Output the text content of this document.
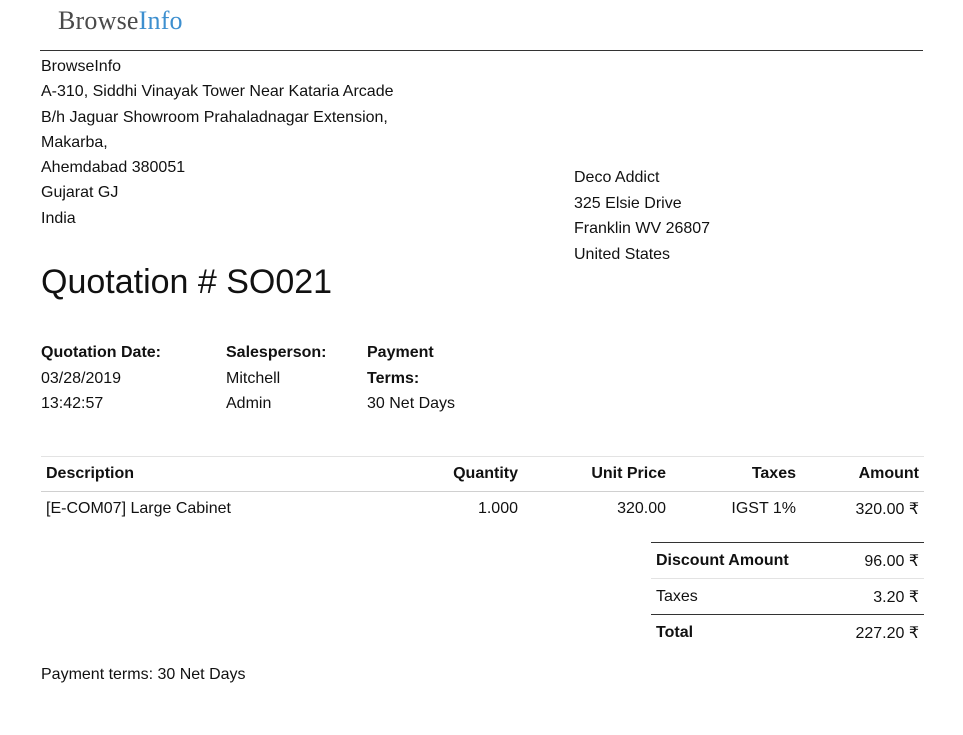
BrowseInfo
BrowseInfo
A-310, Siddhi Vinayak Tower Near Kataria Arcade
B/h Jaguar Showroom Prahaladnagar Extension,
Makarba,
Ahemdabad 380051
Gujarat GJ
India
Deco Addict
325 Elsie Drive
Franklin WV 26807
United States
Quotation # SO021
Quotation Date:
03/28/2019
13:42:57
Salesperson:
Mitchell
Admin
Payment
Terms:
30 Net Days
Description	Quantity	Unit Price	Taxes	Amount
[E-COM07] Large Cabinet	1.000	320.00	IGST 1%	320.00 ₹
Discount Amount	96.00 ₹
Taxes	3.20 ₹
Total	227.20 ₹
Payment terms: 30 Net Days
